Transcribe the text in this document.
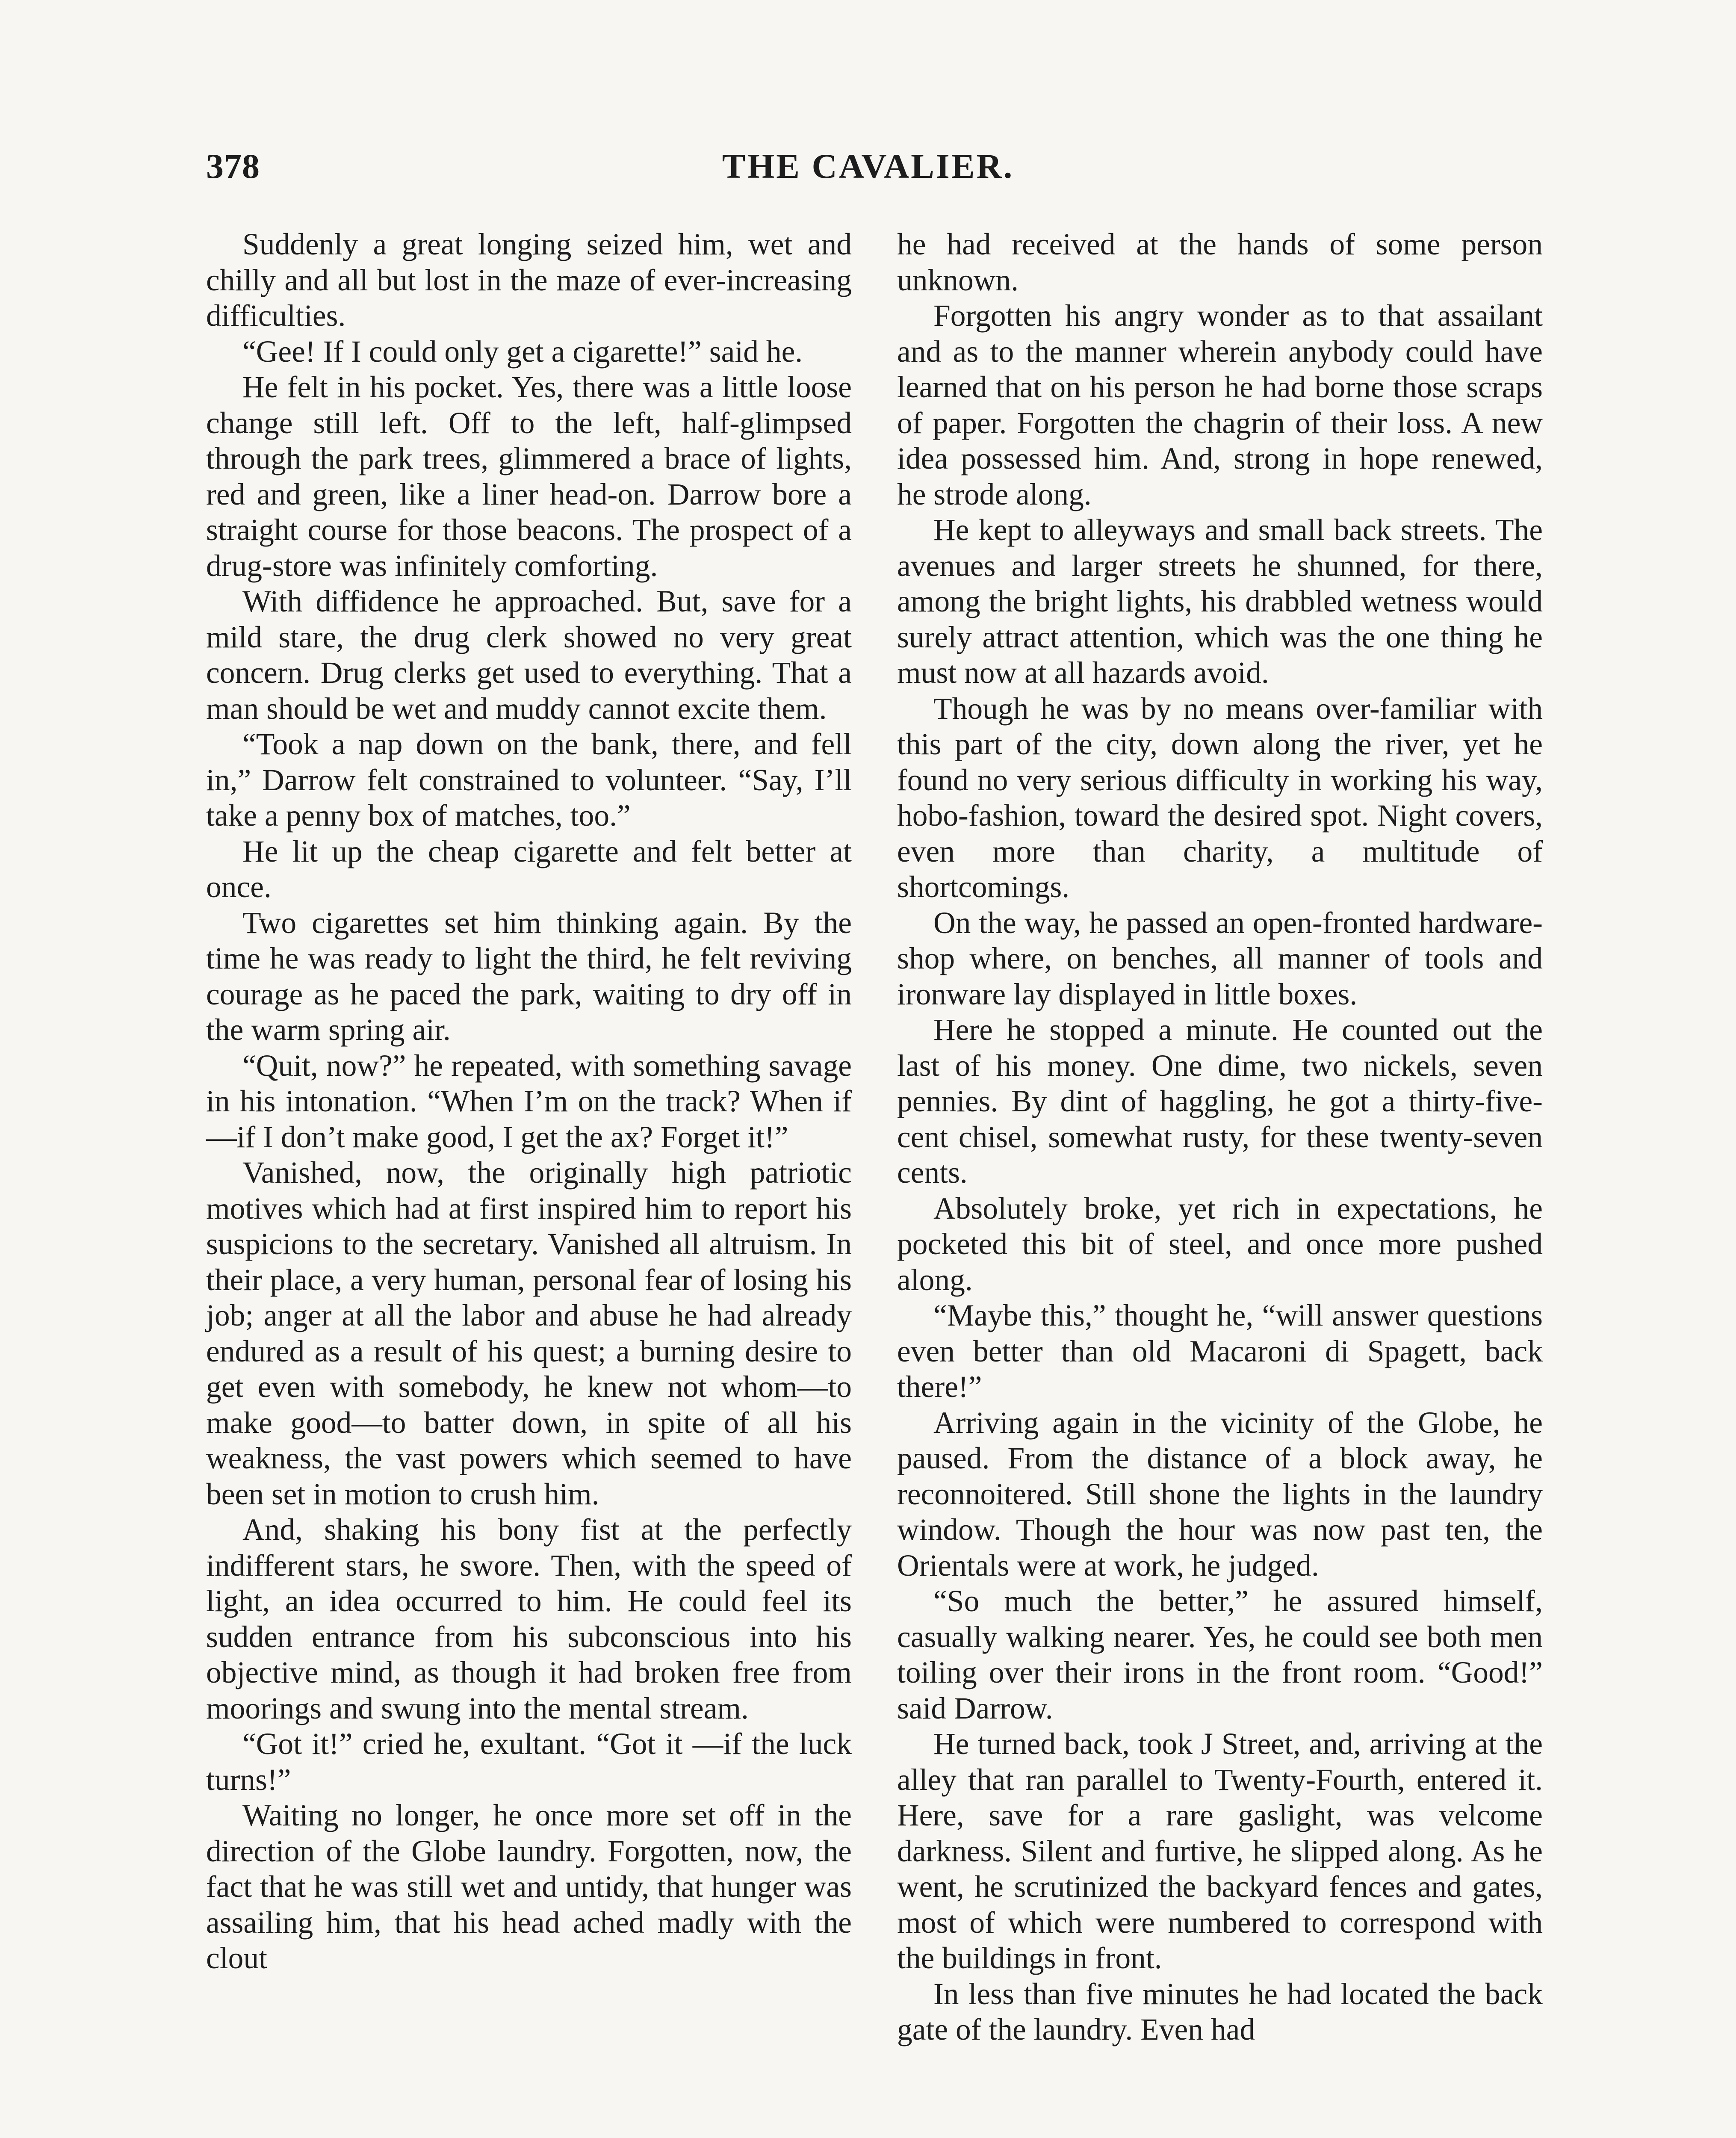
378	THE CAVALIER.

Suddenly a great longing seized him, wet and chilly and all but lost in the maze of ever-increasing difficulties.

“Gee! If I could only get a cigarette!” said he.

He felt in his pocket. Yes, there was a little loose change still left. Off to the left, half-glimpsed through the park trees, glimmered a brace of lights, red and green, like a liner head-on. Darrow bore a straight course for those beacons. The prospect of a drug-store was infinitely comforting.

With diffidence he approached. But, save for a mild stare, the drug clerk showed no very great concern. Drug clerks get used to everything. That a man should be wet and muddy cannot excite them.

“Took a nap down on the bank, there, and fell in,” Darrow felt constrained to volunteer. “Say, I’ll take a penny box of matches, too.”

He lit up the cheap cigarette and felt better at once.

Two cigarettes set him thinking again. By the time he was ready to light the third, he felt reviving courage as he paced the park, waiting to dry off in the warm spring air.

“Quit, now?” he repeated, with something savage in his intonation. “When I’m on the track? When if—if I don’t make good, I get the ax? Forget it!”

Vanished, now, the originally high patriotic motives which had at first inspired him to report his suspicions to the secretary. Vanished all altruism. In their place, a very human, personal fear of losing his job; anger at all the labor and abuse he had already endured as a result of his quest; a burning desire to get even with somebody, he knew not whom—to make good—to batter down, in spite of all his weakness, the vast powers which seemed to have been set in motion to crush him.

And, shaking his bony fist at the perfectly indifferent stars, he swore. Then, with the speed of light, an idea occurred to him. He could feel its sudden entrance from his subconscious into his objective mind, as though it had broken free from moorings and swung into the mental stream.

“Got it!” cried he, exultant. “Got it —if the luck turns!”

Waiting no longer, he once more set off in the direction of the Globe laundry. Forgotten, now, the fact that he was still wet and untidy, that hunger was assailing him, that his head ached madly with the clout

he had received at the hands of some person unknown.

Forgotten his angry wonder as to that assailant and as to the manner wherein anybody could have learned that on his person he had borne those scraps of paper. Forgotten the chagrin of their loss. A new idea possessed him. And, strong in hope renewed, he strode along.

He kept to alleyways and small back streets. The avenues and larger streets he shunned, for there, among the bright lights, his drabbled wetness would surely attract attention, which was the one thing he must now at all hazards avoid.

Though he was by no means over-familiar with this part of the city, down along the river, yet he found no very serious difficulty in working his way, hobo-fashion, toward the desired spot. Night covers, even more than charity, a multitude of shortcomings.

On the way, he passed an open-fronted hardware-shop where, on benches, all manner of tools and ironware lay displayed in little boxes.

Here he stopped a minute. He counted out the last of his money. One dime, two nickels, seven pennies. By dint of haggling, he got a thirty-five-cent chisel, somewhat rusty, for these twenty-seven cents.

Absolutely broke, yet rich in expectations, he pocketed this bit of steel, and once more pushed along.

“Maybe this,” thought he, “will answer questions even better than old Macaroni di Spagett, back there!”

Arriving again in the vicinity of the Globe, he paused. From the distance of a block away, he reconnoitered. Still shone the lights in the laundry window. Though the hour was now past ten, the Orientals were at work, he judged.

“So much the better,” he assured himself, casually walking nearer. Yes, he could see both men toiling over their irons in the front room. “Good!” said Darrow.

He turned back, took J Street, and, arriving at the alley that ran parallel to Twenty-Fourth, entered it. Here, save for a rare gaslight, was velcome darkness. Silent and furtive, he slipped along. As he went, he scrutinized the backyard fences and gates, most of which were numbered to correspond with the buildings in front.

In less than five minutes he had located the back gate of the laundry. Even had
